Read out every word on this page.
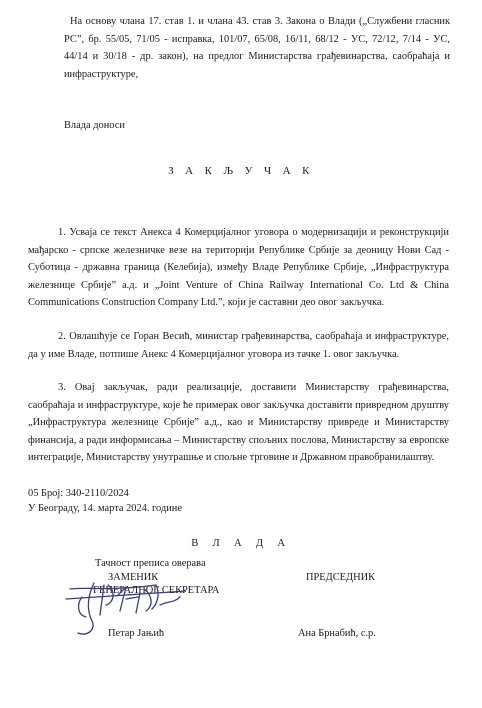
На основу члана 17. став 1. и члана 43. став 3. Закона о Влади („Службени гласник РС”, бр. 55/05, 71/05 - исправка, 101/07, 65/08, 16/11, 68/12 - УС, 72/12, 7/14 - УС, 44/14 и 30/18 - др. закон), на предлог Министарства грађевинарства, саобраћаја и инфраструктуре,

Влада доноси

З А К Љ У Ч А К

1. Усваја се текст Анекса 4 Комерцијалног уговора о модернизацији и реконструкцији мађарско - српске железничке везе на територији Републике Србије за деоницу Нови Сад - Суботица - државна граница (Келебија), између Владе Републике Србије, „Инфраструктура железнице Србије” а.д. и „Joint Venture of China Railway International Co. Ltd & China Communications Construction Company Ltd.”, који је саставни део овог закључка.

2. Овлашћује се Горан Весић, министар грађевинарства, саобраћаја и инфраструктуре, да у име Владе, потпише Анекс 4 Комерцијалног уговора из тачке 1. овог закључка.

3. Овај закључак, ради реализације, доставити Министарству грађевинарства, саобраћаја и инфраструктуре, које ће примерак овог закључка доставити привредном друштву „Инфраструктура железнице Србије” а.д., као и Министарству привреде и Министарству финансија, а ради информисања – Министарству спољних послова, Министарству за европске интеграције, Министарству унутрашње и спољне трговине и Државном правобранилаштву.

05 Број: 340-2110/2024
У Београду, 14. марта 2024. године
В Л А Д А
Тачност преписа оверава
ЗАМЕНИК
ГЕНЕРАЛНОГ СЕКРЕТАРА
ПРЕДСЕДНИК
Петар Јањић	Ана Брнабић, с.р.
